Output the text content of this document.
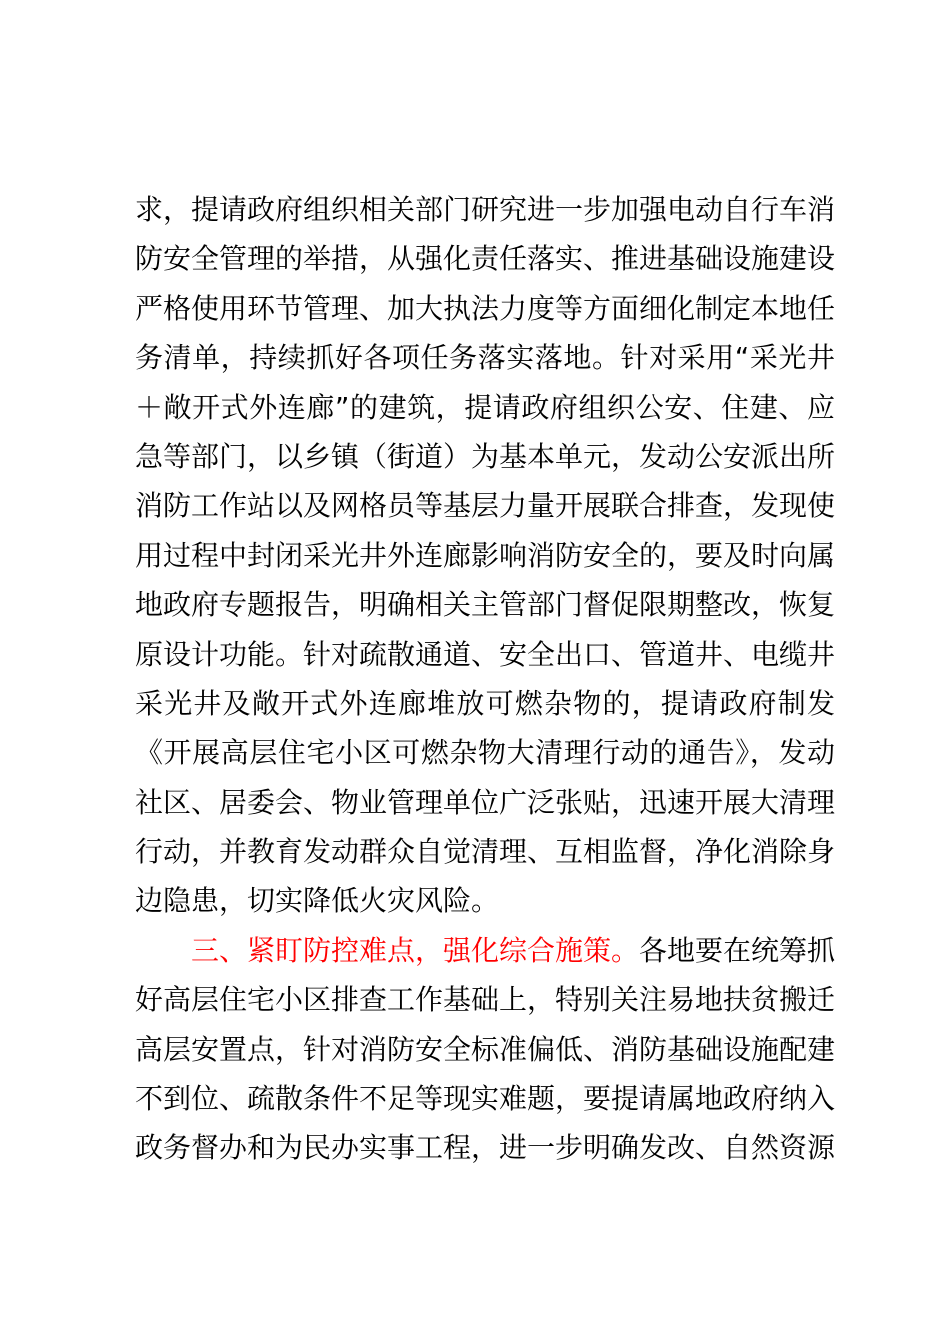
求，提请政府组织相关部门研究进一步加强电动自行车消
防安全管理的举措，从强化责任落实、推进基础设施建设
严格使用环节管理、加大执法力度等方面细化制定本地任
务清单，持续抓好各项任务落实落地。针对采用“采光井
＋敞开式外连廊”的建筑，提请政府组织公安、住建、应
急等部门，以乡镇（街道）为基本单元，发动公安派出所
消防工作站以及网格员等基层力量开展联合排查，发现使
用过程中封闭采光井外连廊影响消防安全的，要及时向属
地政府专题报告，明确相关主管部门督促限期整改，恢复
原设计功能。针对疏散通道、安全出口、管道井、电缆井
采光井及敞开式外连廊堆放可燃杂物的，提请政府制发
《开展高层住宅小区可燃杂物大清理行动的通告》，发动
社区、居委会、物业管理单位广泛张贴，迅速开展大清理
行动，并教育发动群众自觉清理、互相监督，净化消除身
边隐患，切实降低火灾风险。
三、紧盯防控难点，强化综合施策。各地要在统筹抓
好高层住宅小区排查工作基础上，特别关注易地扶贫搬迁
高层安置点，针对消防安全标准偏低、消防基础设施配建
不到位、疏散条件不足等现实难题，要提请属地政府纳入
政务督办和为民办实事工程，进一步明确发改、自然资源
